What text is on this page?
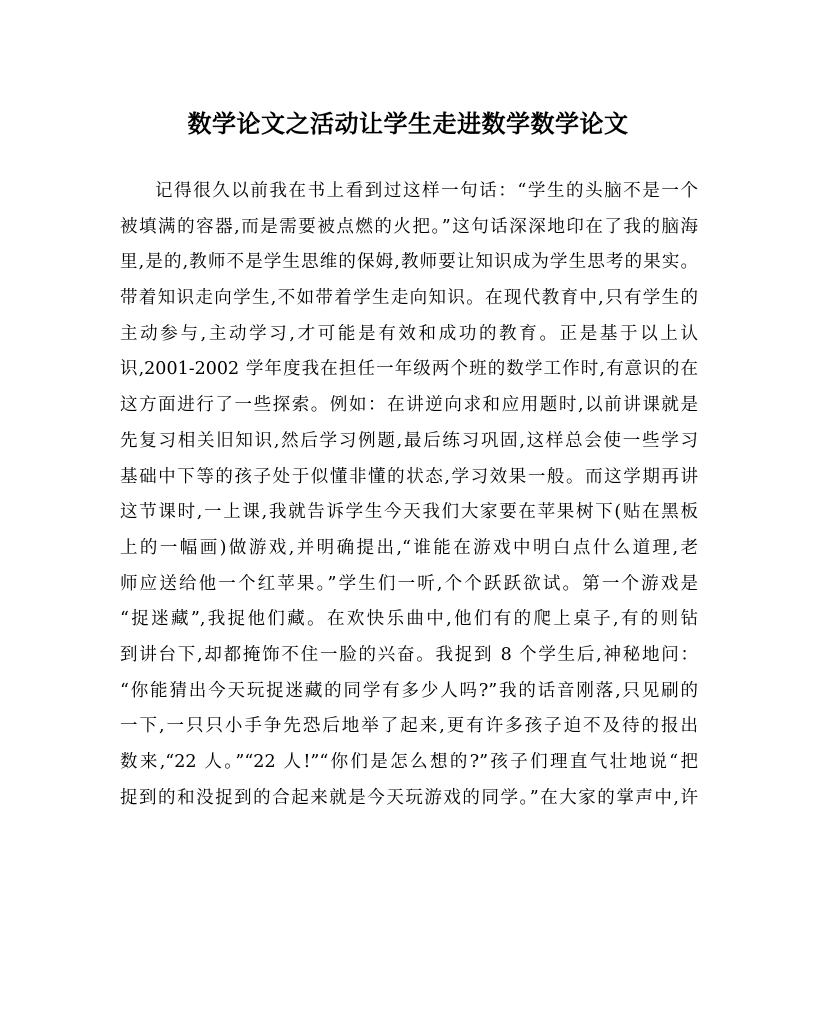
数学论文之活动让学生走进数学数学论文
记得很久以前我在书上看到过这样一句话：“学生的头脑不是一个
被填满的容器,而是需要被点燃的火把。”这句话深深地印在了我的脑海
里,是的,教师不是学生思维的保姆,教师要让知识成为学生思考的果实。
带着知识走向学生,不如带着学生走向知识。在现代教育中,只有学生的
主动参与,主动学习,才可能是有效和成功的教育。正是基于以上认
识,2001-2002 学年度我在担任一年级两个班的数学工作时,有意识的在
这方面进行了一些探索。例如：在讲逆向求和应用题时,以前讲课就是
先复习相关旧知识,然后学习例题,最后练习巩固,这样总会使一些学习
基础中下等的孩子处于似懂非懂的状态,学习效果一般。而这学期再讲
这节课时,一上课,我就告诉学生今天我们大家要在苹果树下(贴在黑板
上的一幅画)做游戏,并明确提出,“谁能在游戏中明白点什么道理,老
师应送给他一个红苹果。”学生们一听,个个跃跃欲试。第一个游戏是
“捉迷藏”,我捉他们藏。在欢快乐曲中,他们有的爬上桌子,有的则钻
到讲台下,却都掩饰不住一脸的兴奋。我捉到 8 个学生后,神秘地问：
“你能猜出今天玩捉迷藏的同学有多少人吗?”我的话音刚落,只见刷的
一下,一只只小手争先恐后地举了起来,更有许多孩子迫不及待的报出
数来,“22 人。”“22 人!”“你们是怎么想的?”孩子们理直气壮地说“把
捉到的和没捉到的合起来就是今天玩游戏的同学。”在大家的掌声中,许
